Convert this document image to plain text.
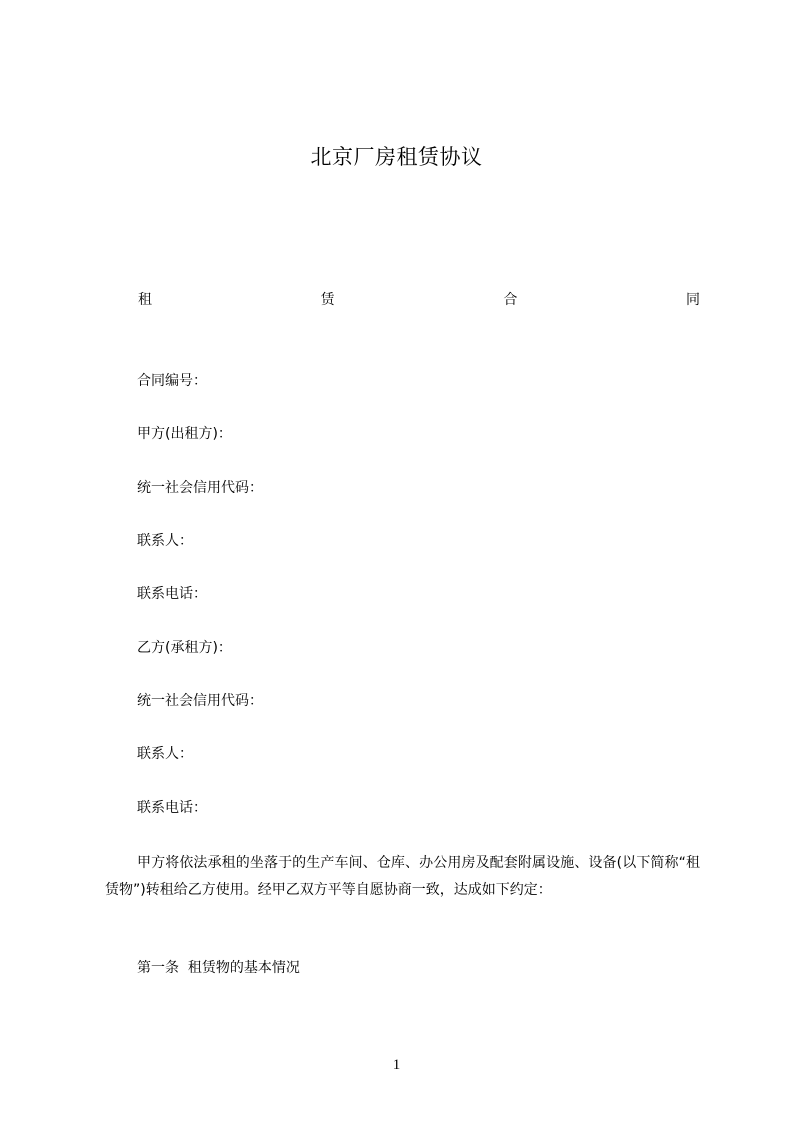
北京厂房租赁协议
租	赁	合	同
合同编号：
甲方(出租方)：
统一社会信用代码：
联系人：
联系电话：
乙方(承租方)：
统一社会信用代码：
联系人：
联系电话：
甲方将依法承租的坐落于的生产车间、仓库、办公用房及配套附属设施、设备(以下简称“租赁物”)转租给乙方使用。经甲乙双方平等自愿协商一致，达成如下约定：
第一条  租赁物的基本情况
1
